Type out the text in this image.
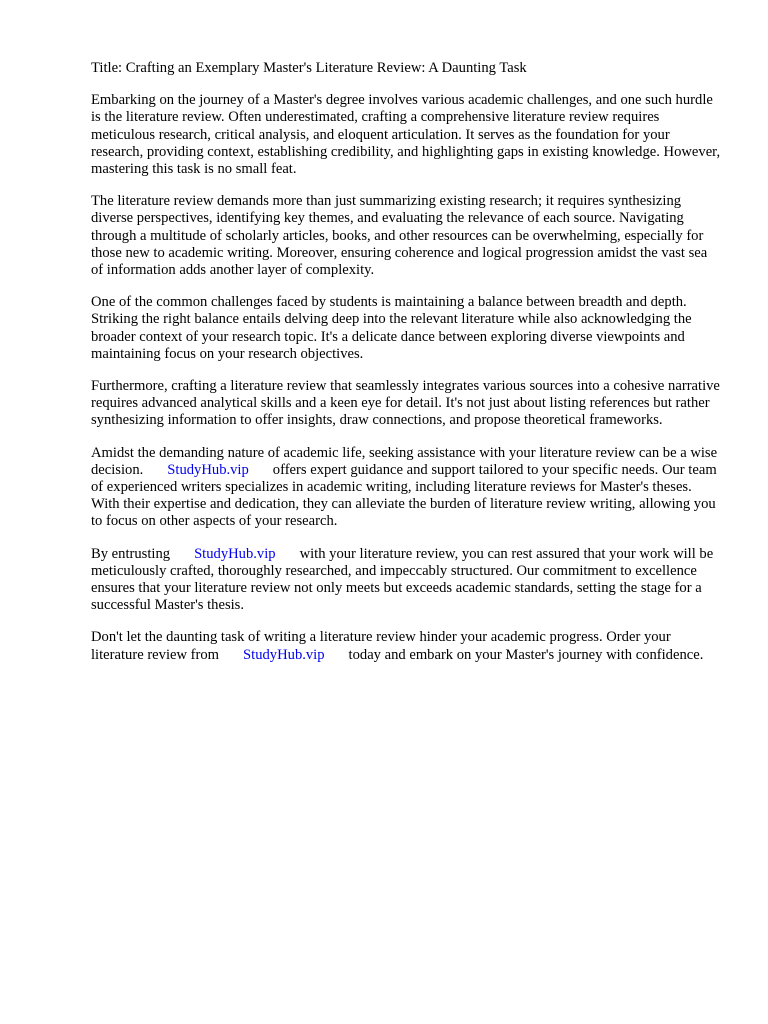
Title: Crafting an Exemplary Master's Literature Review: A Daunting Task

Embarking on the journey of a Master's degree involves various academic challenges, and one such hurdle is the literature review. Often underestimated, crafting a comprehensive literature review requires meticulous research, critical analysis, and eloquent articulation. It serves as the foundation for your research, providing context, establishing credibility, and highlighting gaps in existing knowledge. However, mastering this task is no small feat.

The literature review demands more than just summarizing existing research; it requires synthesizing diverse perspectives, identifying key themes, and evaluating the relevance of each source. Navigating through a multitude of scholarly articles, books, and other resources can be overwhelming, especially for those new to academic writing. Moreover, ensuring coherence and logical progression amidst the vast sea of information adds another layer of complexity.

One of the common challenges faced by students is maintaining a balance between breadth and depth. Striking the right balance entails delving deep into the relevant literature while also acknowledging the broader context of your research topic. It's a delicate dance between exploring diverse viewpoints and maintaining focus on your research objectives.

Furthermore, crafting a literature review that seamlessly integrates various sources into a cohesive narrative requires advanced analytical skills and a keen eye for detail. It's not just about listing references but rather synthesizing information to offer insights, draw connections, and propose theoretical frameworks.

Amidst the demanding nature of academic life, seeking assistance with your literature review can be a wise decision. StudyHub.vip offers expert guidance and support tailored to your specific needs. Our team of experienced writers specializes in academic writing, including literature reviews for Master's theses. With their expertise and dedication, they can alleviate the burden of literature review writing, allowing you to focus on other aspects of your research.

By entrusting StudyHub.vip with your literature review, you can rest assured that your work will be meticulously crafted, thoroughly researched, and impeccably structured. Our commitment to excellence ensures that your literature review not only meets but exceeds academic standards, setting the stage for a successful Master's thesis.

Don't let the daunting task of writing a literature review hinder your academic progress. Order your literature review from StudyHub.vip today and embark on your Master's journey with confidence.
